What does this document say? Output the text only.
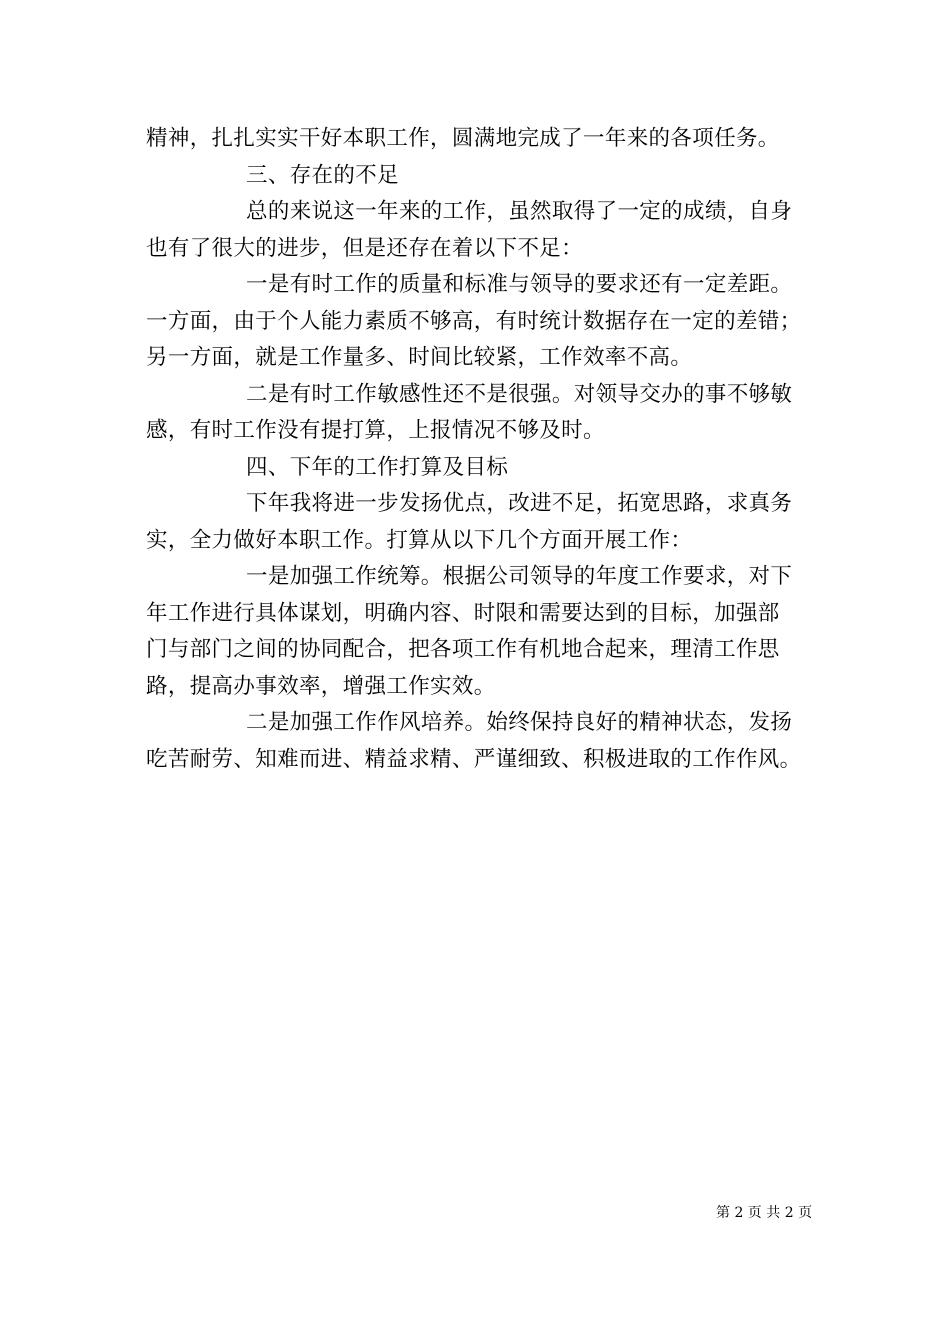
精神，扎扎实实干好本职工作，圆满地完成了一年来的各项任务。
三、存在的不足
总的来说这一年来的工作，虽然取得了一定的成绩，自身
也有了很大的进步，但是还存在着以下不足：
一是有时工作的质量和标准与领导的要求还有一定差距。
一方面，由于个人能力素质不够高，有时统计数据存在一定的差错；
另一方面，就是工作量多、时间比较紧，工作效率不高。
二是有时工作敏感性还不是很强。对领导交办的事不够敏
感，有时工作没有提打算，上报情况不够及时。
四、下年的工作打算及目标
下年我将进一步发扬优点，改进不足，拓宽思路，求真务
实，全力做好本职工作。打算从以下几个方面开展工作：
一是加强工作统筹。根据公司领导的年度工作要求，对下
年工作进行具体谋划，明确内容、时限和需要达到的目标，加强部
门与部门之间的协同配合，把各项工作有机地合起来，理清工作思
路，提高办事效率，增强工作实效。
二是加强工作作风培养。始终保持良好的精神状态，发扬
吃苦耐劳、知难而进、精益求精、严谨细致、积极进取的工作作风。
第 2 页 共 2 页
